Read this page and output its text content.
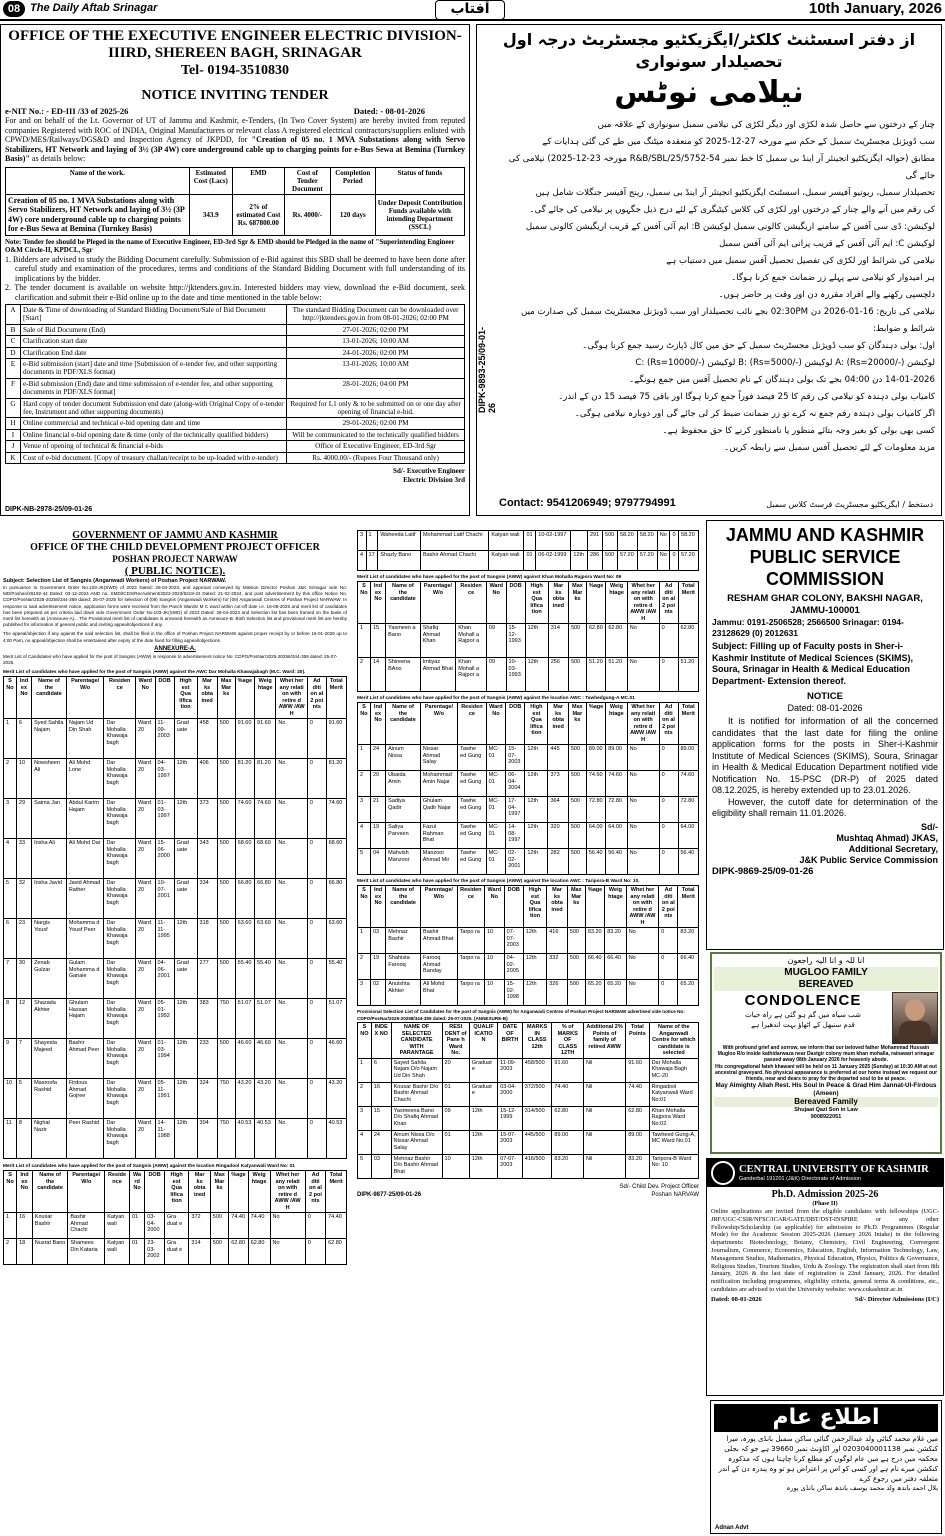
08 The Daily Aftab Srinagar	آفتاب	10th January, 2026
OFFICE OF THE EXECUTIVE ENGINEER ELECTRIC DIVISION-IIIRD, SHEREEN BAGH, SRINAGAR
Tel- 0194-3510830
NOTICE INVITING TENDER
e-NIT No.: - ED-III /33 of 2025-26	Dated: - 08-01-2026

For and on behalf of the Lt. Governor of UT of Jammu and Kashmir, e-Tenders, (In Two Cover System) are hereby invited from reputed companies Registered with ROC of INDIA, Original Manufacturers or relevant class A registered electrical contractors/suppliers enlisted with CPWD/MES/Railways/DGS&D and Inspection Agency of JKPDD, for "Creation of 05 no. 1 MVA Substations along with Servo Stabilizers, HT Network and laying of 3½ (3P 4W) core underground cable up to charging points for e-Bus Sewa at Bemina (Turnkey Basis)" as details below:

Name of the work.	Estimated Cost (Lacs)	EMD	Cost of Tender Document	Completion Period	Status of funds
Creation of 05 no. 1 MVA Substations along with Servo Stabilizers, HT Network and laying of 3½ (3P 4W) core underground cable up to charging points for e-Bus Sewa at Bemina (Turnkey Basis)	343.9	2% of estimated Cost Rs. 687800.00	Rs. 4000/-	120 days	Under Deposit Contribution Funds available with intending Department (SSCL)

Note: Tender fee should be Pleged in the name of Executive Engineer, ED-3rd Sgr & EMD should be Pledged in the name of "Superintending Engineer O&M Circle-II, KPDCL, Sgr

1. Bidders are advised to study the Bidding Document carefully. Submission of e-Bid against this SBD shall be deemed to have been done after careful study and examination of the procedures, terms and conditions of the Standard Bidding Document with full understanding of its implications by the bidder.

2. The tender document is available on website http://jktenders.gov.in. Interested bidders may view, download the e-Bid document, seek clarification and submit their e-Bid online up to the date and time mentioned in the table below:

A	Date & Time of downloading of Standard Bidding Document/Sale of Bid Document [Start]	The standard Bidding Document can be downloaded over http://jktenders.gov.in from 08-01-2026; 02:00 PM
B	Sale of Bid Document (End)	27-01-2026; 02:00 PM
C	Clarification start date	13-01-2026; 10:00 AM
D	Clarification End date	24-01-2026; 02:00 PM
E	e-Bid submission (start] date and time [Submission of e-tender fee, and other supporting documents in PDF/XLS format)	13-01-2026; 10:00 AM
F	e-Bid submission (End) date and time submission of e-tender fee, and other supporting documents in PDF/XLS format]	28-01-2026; 04:00 PM
G	Hard copy of tender document Submission end date (along-with Original Copy of e-tender fee, Instrument and other supporting documents)	Required for L1 only & to be submitted on or one day after opening of financial e-bid.
H	Online commercial and technical e-bid opening date and time	29-01-2026; 02:00 PM
I	Online financial e-bid opening date & time (only of the technically qualified bidders)	Will be communicated to the technically qualified bidders
J	Venue of opening of technical & financial e-bids	Office of Executive Engineer, ED-3rd Sgr
K	Cost of e-bid document. [Copy of treasury challan/receipt to be up-loaded with e-tender)	Rs. 4000.00/- (Rupees Four Thousand only)
Sd/- Executive Engineer
Electric Division 3rd
DIPK-NB-2978-25/09-01-26
از دفتر اسسٹنٹ کلکٹر/ایگزیکٹیو مجسٹریٹ درجہ اول تحصیلدار سونواری
نیلامی نوٹس
چنار کے درختوں سے حاصل شدہ لکڑی اور دیگر لکڑی کی نیلامی سمبل سونواری کے علاقہ میں
سب ڈویژنل مجسٹریٹ سمبل کے حکم سے مورخہ 27-12-2025 کو منعقدہ میٹنگ میں طے کی گئی ہدایات کے
مطابق (حوالہ ایگزیکٹیو انجینئر آر اینڈ بی سمبل کا خط نمبر R&B/SBL/25/5752-54 مورخہ 23-12-2025) نیلامی کی جائے گی
تحصیلدار سمبل، ریونیو آفیسر سمبل، اسسٹنٹ ایگزیکٹیو انجینئر آر اینڈ بی سمبل، رینج آفیسر جنگلات شامل ہیں
کی رقم میں آنے والے چنار کے درختوں اور لکڑی کی کلاس کیٹیگری کے لئے درج ذیل جگہوں پر نیلامی کی جائے گی۔
لوکیشن: ڈی سی آفس کے سامنے اریگیشن کالونی سمبل لوکیشن B: ایم آئی آفس کے قریب اریگیشن کالونی سمبل
لوکیشن C: ایم آئی آفس کے قریب پرانی ایم آئی آفس سمبل
نیلامی کی شرائط اور لکڑی کی تفصیل تحصیل آفس سمبل میں دستیاب ہے
ہر امیدوار کو نیلامی سے پہلے زر ضمانت جمع کرنا ہوگا۔
دلچسپی رکھنے والے افراد مقررہ دن اور وقت پر حاضر ہوں۔
نیلامی کی تاریخ: 16-01-2026 دن 02:30PM بجے نائب تحصیلدار اور سب ڈویژنل مجسٹریٹ سمبل کی صدارت میں
شرائط و ضوابط:
اول: بولی دہندگان کو سب ڈویژنل مجسٹریٹ سمبل کے حق میں کال ڈپازٹ رسید جمع کرنا ہوگی۔
لوکیشن A: (Rs=20000/-) لوکیشن B: (Rs=5000/-) لوکیشن C: (Rs=10000/-)
14-01-2026 دن 04:00 بجے تک بولی دہندگان کے نام تحصیل آفس میں جمع ہونگے۔
کامیاب بولی دہندہ کو نیلامی کی رقم کا 25 فیصد فوراً جمع کرنا ہوگا اور باقی 75 فیصد 15 دن کے اندر۔
اگر کامیاب بولی دہندہ رقم جمع نہ کرے تو زر ضمانت ضبط کر لی جائے گی اور دوبارہ نیلامی ہوگی۔
کسی بھی بولی کو بغیر وجہ بتائے منظور یا نامنظور کرنے کا حق محفوظ ہے۔
مزید معلومات کے لئے تحصیل آفس سمبل سے رابطہ کریں۔
DIPK-9893-25/09-01-26
Contact: 9541206949; 9797794991	دستخط / ایگزیکٹیو مجسٹریٹ فرسٹ کلاس سمبل
GOVERNMENT OF JAMMU AND KASHMIR
OFFICE OF THE CHILD DEVELOPMENT PROJECT OFFICER
POSHAN PROJECT NARWAW
( PUBLIC NOTICE).

Subject: Selection List of Sangnis (Anganwadi Workers) of Poshan Project NARWAW.

In pursuance to Government Order No.103-JK(SWD) of 2023 Dated: 28-04-2023, and approval conveyed by Mission Director Poshan J&K Srinagar vide No: MD/Poshan/26192-44 Dated: 03-12-2024 AND no. SMD/ICDS/Recruitment/2022-2023/6219-22 Dated: 21-02-2024, and post advertisement by this office Notice No. CDPO/PosNar/2025-20258/344-359 dated: 25-07-2025 for selection of (09) Sangnis (Anganwadi Workers) for (09) Anganwadi Centres of Poshan Project NARWAW. In response to said advertisement notice, application forms were received from the Panch Wards/ M C ward within cut-off date i.e. 16-08-2025 and merit list of candidates has been prepared as per criteria laid down vide Government Order No.103-JK(SWD) of 2023 Dated: 28-04-2023 and Selection list has been framed on the basis of merit list herewith as (Annexure-A)... The Provisional merit list of candidates is annexed herewith as Annexure-B. Both Selection list and provisional merit list are hereby published for information of general public and inviting appeal/objections if any.

The appeal/objection if any against the said selection list, shall be filed in the office of Poshan Project NARWAW against proper receipt by or before 16-01-2026 up to 4:00 Pam, no appeal/objection shall be entertained after expiry of the date fixed for filling appeal/objections.

ANNEXURE-A.

Merit List of Candidates who have applied for the post of Sangnis (AWW) in response to advertisement notice No: CDPO/PosNar/2025-20256/344-359 dated: 25-07-2025.

Merit List of candidates who have applied for the post of Sangnis (AWW) against the AWC Dar Mohalla Khawajabagh (M.C. Ward: 20).

S No	Ind ex No	Name of the candidate	Parentage/ W/o	Residen ce	Ward No	DOB	High est Qua lifica tion	Mar ks obta ined	Max Mar ks	%age	Weig htage	Whet her any relati on with retire d AWW /AW H	Ad diti on al 2 poi nts	Total Merit
1	6	Syed Sahila Najam	Najam Ud Din Shah	Dar Mohalla Khawaja bagh	Ward 20	11-09-2003	Grad uate	458	500	91.60	91.60	No	0	91.60
2	10	Nowsheen Ali	Ali Mohd Lone	Dar Mohalla Khawaja bagh	Ward 20	04-03-1997	12th	406	500	81.20	81.20	No	0	81.20
3	29	Saima Jan	Abdul Karim Hajam	Dar Mohalla Khawaja bagh	Ward 20	01-03-1997	12th	373	500	74.60	74.60	No	0	74.60
4	33	Insha Ali	Ali Mohd Dar	Dar Mohalla Khawaja bagh	Ward 20	15-06-2000	Grad uate	343	500	68.60	68.60	No	0	68.60
5	32	Insha Javid	Javid Ahmad Rather	Dar Mohalla Khawaja bagh	Ward 20	10-07-2001	Grad uate	334	500	66.80	66.80	No	0	66.80
6	23	Nargis Yousf	Mohamma d Yousf Peer	Dar Mohalla Khawaja bagh	Ward 20	11-11-1995	12th	318	500	63.60	63.60	No	0	63.60
7	30	Zenab Gulzar	Gulam Mohamma d Ganaie	Dar Mohalla Khawaja bagh	Ward 20	04-06-2001	Grad uate	277	500	55.40	55.40	No	0	55.40
8	12	Shazada Akhter	Ghulam Hassan Hajam	Dar Mohalla Khawaja bagh	Ward 20	05-01-1992	12th	383	750	51.07	51.07	No	0	51.07
9	7	Shayesta Majeed	Bashir Ahmad Peer	Dar Mohalla Khawaja bagh	Ward 20	01-03-1994	12th	233	500	46.60	46.60	No	0	46.60
10	5	Masroofa Rashid	Firdous Ahmad Gojree	Dar Mohalla Khawaja bagh	Ward 20	05-11-1991	12th	324	750	43.20	43.20	No	0	43.20
11	8	Nighat Nazir	Peer Rashid	Dar Mohalla Khawaja bagh	Ward 20	14-11-1988	12th	304	750	40.53	40.53	No	0	40.53

Merit List of candidates who have applied for the post of Sangnis (AWW) against the location Ringadool Katyanwali Ward No: 01

S No	Ind ex No	Name of the candidate	Parentage/ W/o	Reside nce	Wa rd No	DOB	High est Qua lifica tion	Mar ks obta ined	Max Mar ks	%age	Weig htage	Whet her any relati on with retire d AWW /AW H	Ad diti on al 2 poi nts	Total Merit
1	16	Kousar Bashir	Bashir Ahmad Chachi	Katyan wali	01	03-04-2000	Gra duat e	372	500	74.40	74.40	No	0	74.40
2	18	Nusrat Bano	Shamees Din Kataria	Katyan wali	01	23-03-2002	Gra duat e	314	500	62.80	62.80	No	0	62.80
3	1	Waheeda Latif	Mohammad Latif Chachi	Katyan wali	01	10-02-1997		291	500	58.20	58.20	No	0	58.20
4	17	Shazly Bano	Bashir Ahmad Chachi	Katyan wali	01	06-02-1999	12th	286	500	57.20	57.20	No	0	57.20

Merit List of candidates who have applied for the post of Sangnis (AWW) against Khan Mohalla Rajpora Ward No: 09

S No	Ind ex No	Name of the candidate	Parentage/ W/o	Residen ce	Ward No	DOB	High est Qua lifica tion	Mar ks obta ined	Max Mar ks	%age	Weig htage	Whet her any relati on with retire d AWW /AW H	Ad diti on al 2 poi nts	Total Merit
1	15	Yasmeen a Bano	Shafiq Ahmad Khan	Khan Mohall a Rajpor a	09	15-12-1993	12th	314	500	62.80	62.80	No	0	62.80
2	14	Shireena BAno	Imtiyaz Ahmad Bhat	Khan Mohall a Rajpor a	09	10-03-1993	12th	256	500	51.20	51.20	No	0	51.20

Merit List of candidates who have applied for the post of Sangnis (AWW) against the location AWC : Tawhedgung-A MC.01

S No	Ind ex No	Name of the candidate	Parentage/ W/o	Residen ce	Ward No	DOB	High est Qua lifica tion	Mar ks obta ined	Max Mar ks	%age	Weig htage	Whet her any relati on with retire d AWW /AW H	Ad diti on al 2 poi nts	Total Merit
1	24	Ainum Nissa	Nissar Ahmad Salay	Tawhe ed Gung	MC-01	15-07-2003	12th	445	500	89.00	89.00	No	0	89.00
2	20	Ubaida Amin	Mohammad Amin Najar	Tawhe ed Gung	MC-01	06-04-2004	12th	373	500	74.60	74.60	No	0	74.60
3	21	Sadiya Qadir	Ghulam Qadir Najar	Tawhe ed Gung	MC-01	17-04-1997	12th	364	500	72.80	72.80	No	0	72.80
4	19	Saliya Parveen	Fazul Rahman Bhat	Tawhe ed Gung	MC-01	14-08-1997	12th	320	500	64.00	64.00	No	0	64.00
5	04	Mahvish Manzoor	Manzoor Ahmad Mir	Tawhe ed Gung	MC-01	02-02-2001	12th	282	500	56.40	56.40	No	0	56.40

Merit List of candidates who have applied for the post of Sangnis (AWW) against the location AWC : Taripora-B Ward No: 10.

S No	Ind ex No	Name of the candidate	Parentage/ W/o	Residen ce	Ward No	DOB	High est Qua lifica tion	Mar ks obta ined	Max Mar ks	%age	Weig htage	Whet her any relati on with retire d AWW /AW H	Ad diti on al 2 poi nts	Total Merit
1	03	Mehnaz Bashir	Bashir Ahmad Bhat	Tarpo ra	10	07-07-2003	12th	416	500	83.20	83.20	No	0	83.20
2	19	Shahista Farooq	Farooq Ahmad Banday	Tarpo ra	10	04-02-2005	12th	332	500	66.40	66.40	No	0	66.40
3	02	Anuishta Akhter	Ali Mohd Bhat	Tarpo ra	10	15-02-1998	12th	326	500	65.20	65.20	No	0	65.20

Provisional Selection List of Candidates for the post of Sangnis (AWW) for Anganwadi Centres of Poshan Project NARWAW advertised vide notice No: CDPO/PosNar/2025-20258/344-359 dated: 25-07-2025. (ANNEXURE-B)

S NO	INDE X NO	NAME OF SELECTED CANDIDATE WITH PARANTAGE	RESI DENT of Pane h Ward No.	QUALIF ICATIO N	DATE OF BIRTH	MARKS IN CLASS 12th	% of MARKS OF CLASS 12TH	Additional 2% Points of family of retired AWW	Total Points	Name of the Anganwadi Centre for which candidate is selected
1	6	Sayed Sahila Najam D/o Najam Ud Din Shah	20	Graduat e	11-09-2003	458/500	91.60	Nil	91.60	Dar Mohalla Khawaja Bagh MC-20
2	16	Kousar Bashir D/o Bashir Ahmad Chachi	01	Graduat e	03-04-2000	372/500	74.40	Nil	74.40	Ringadool Katyanwali Ward No:01
3	15	Yasmeena Bano D/o Shafiq Ahmad Khan	09	12th	15-12-1999	314/500	62.80	Nil	62.80	Khan Mohalla Rajpora Ward No:02.
4	24	Ainum Nissa D/o Nissar Ahmad Salay	01	12th	15-07-2003	445/500	89.00	Nil	89.00	Tawheed Gung-A, MC Ward No.01
5	03	Mehnaz Bashir D/o Bashir Ahmad Bhat	10	12th	07-07-2003	416/500	83.20	Nil	83.20	Taripora-B Ward No: 10
DIPK-9877-25/09-01-26
Sd/- Child Dev. Project Officer
Poshan NARVAW
JAMMU AND KASHMIR PUBLIC SERVICE COMMISSION
RESHAM GHAR COLONY, BAKSHI NAGAR, JAMMU-100001
Jammu: 0191-2506528; 2566500 Srinagar: 0194-23128629 (0) 2012631
Subject: Filling up of Faculty posts in Sher-i-Kashmir Institute of Medical Sciences (SKIMS), Soura, Srinagar in Health & Medical Education Department- Extension thereof.
NOTICE
Dated: 08-01-2026

It is notified for information of all the concerned candidates that the last date for filing the online application forms for the posts in Sher-i-Kashmir Institute of Medical Sciences (SKIMS), Soura, Srinagar in Health & Medical Education Department notified vide Notification No. 15-PSC (DR-P) of 2025 dated 08.12.2025, is hereby extended up to 23.01.2026.

However, the cutoff date for determination of the eligibility shall remain 11.01.2026.

Sd/-
Mushtaq Ahmad) JKAS,
Additional Secretary,
J&K Public Service Commission
DIPK-9869-25/09-01-26
انا للہ و انا الیہ راجعون
MUGLOO FAMILY
BEREAVED
CONDOLENCE
شب سیاہ میں گم ہو گئی ہے راہ حیات
قدم سنبھل کے اٹھاؤ بہت اندھیرا ہے

With profound grief and sorrow, we inform that our beloved father Mohammad Hussain Mugloo R/o Inside kathidarwaza near Dastgir colony mum khan mohalla, rainawari srinagar passed away 08th January 2026 for heavenly abode.

His congregational fateh khawani will be held on 11 January 2025 (Sunday) at 10:30 AM at out ancestral graveyard. No physical appearance is preferred at our home instead we request our friends, near and dears to pray for the departed soul to be at peace.

May Almighty Allah Rest. His Soul In Peace & Grad Him Jannat-Ul-Firdous (Ameen)

Bereaved Family
Shujaat Qazi Son in Law
9008922051
CENTRAL UNIVERSITY OF KASHMIR
Ganderbal 191201 (J&K) Directorate of Admission
Ph.D. Admission 2025-26
(Phase II)

Online applications are invited from the eligible candidates with fellowships (UGC-JRF/UGC-CSIR/NFSC/ICAR/GATE/DBT/DST-INSPIRE or any other Fellowship/Scholarship (as applicable) for admission to Ph.D. Programmes (Regular Mode) for the Academic Session 2025-2026 (January 2026 Intake) in the following departments: Biotechnology, Botany, Chemistry, Civil Engineering, Convergent Journalism, Commerce, Economics, Education, English, Information Technology, Law, Management Studies, Mathematics, Physical Education, Physics, Politics & Governance, Religious Studies, Tourism Studies, Urdu & Zoology. The registration shall start from 8th January, 2026 & the last date of registration is 22nd January, 2026. For detailed notification including programmes, eligibility criteria, general terms & conditions, etc., candidates are advised to visit the University website: www.cukashmir.ac.in

Dated: 08-01-2026	Sd/- Director Admissions (I/C)
اطلاع عام

میں غلام محمد گنائی ولد عبدالرحمن گنائی ساکن سمبل بانڈی پورہ، میرا کنکشن نمبر 0203040001138 اور اکاؤنٹ نمبر 39660 ہے جو کہ بجلی محکمہ میں درج ہے میں عام لوگوں کو مطلع کرنا چاہتا ہوں کہ مذکورہ کنکشن میرے نام ہے اور کسی کو اس پر اعتراض ہو تو وہ پندرہ دن کے اندر متعلقہ دفتر میں رجوع کرے

بلال احمد باندھ ولد محمد یوسف باندھ ساکن بانڈی پورہ
Adnan Advt
